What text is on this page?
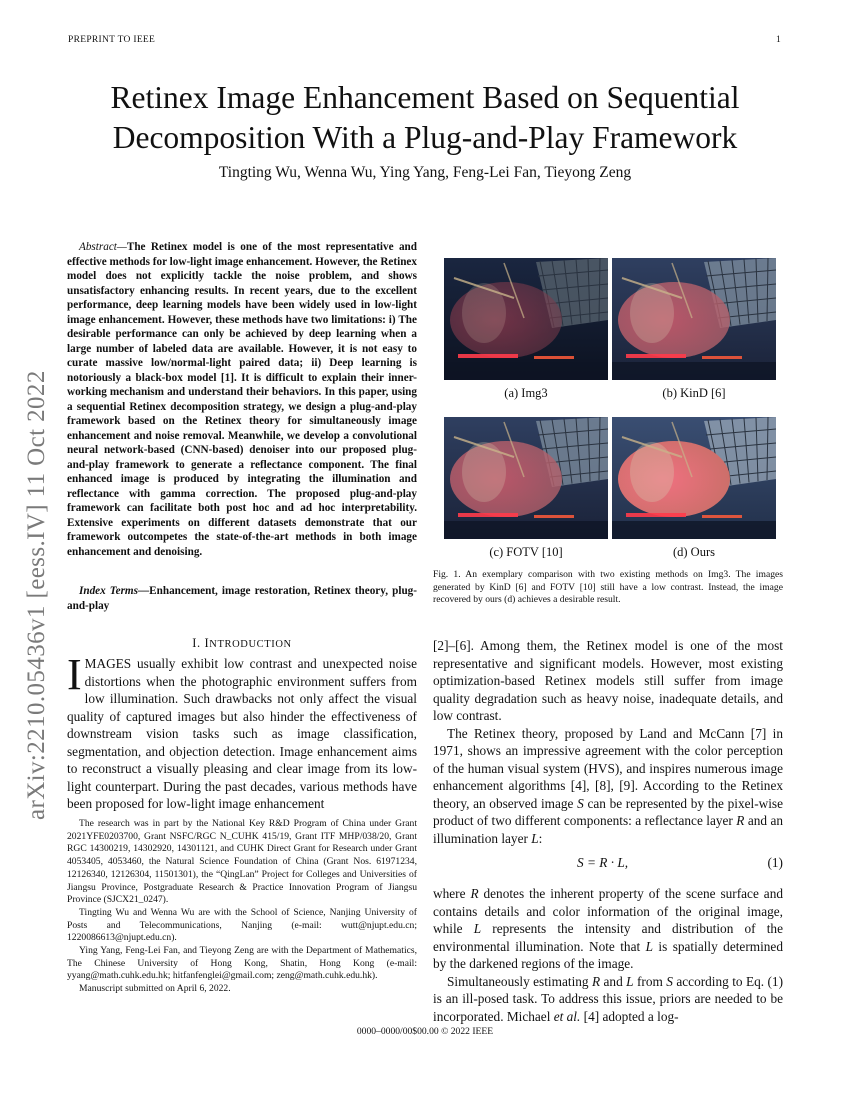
PREPRINT TO IEEE	1
Retinex Image Enhancement Based on Sequential Decomposition With a Plug-and-Play Framework
Tingting Wu, Wenna Wu, Ying Yang, Feng-Lei Fan, Tieyong Zeng
arXiv:2210.05436v1 [eess.IV] 11 Oct 2022
Abstract—The Retinex model is one of the most representative and effective methods for low-light image enhancement. However, the Retinex model does not explicitly tackle the noise problem, and shows unsatisfactory enhancing results. In recent years, due to the excellent performance, deep learning models have been widely used in low-light image enhancement. However, these methods have two limitations: i) The desirable performance can only be achieved by deep learning when a large number of labeled data are available. However, it is not easy to curate massive low/normal-light paired data; ii) Deep learning is notoriously a black-box model [1]. It is difficult to explain their inner-working mechanism and understand their behaviors. In this paper, using a sequential Retinex decomposition strategy, we design a plug-and-play framework based on the Retinex theory for simultaneously image enhancement and noise removal. Meanwhile, we develop a convolutional neural network-based (CNN-based) denoiser into our proposed plug-and-play framework to generate a reflectance component. The final enhanced image is produced by integrating the illumination and reflectance with gamma correction. The proposed plug-and-play framework can facilitate both post hoc and ad hoc interpretability. Extensive experiments on different datasets demonstrate that our framework outcompetes the state-of-the-art methods in both image enhancement and denoising.
Index Terms—Enhancement, image restoration, Retinex theory, plug-and-play
I. INTRODUCTION
IMAGES usually exhibit low contrast and unexpected noise distortions when the photographic environment suffers from low illumination. Such drawbacks not only affect the visual quality of captured images but also hinder the effectiveness of downstream vision tasks such as image classification, segmentation, and objection detection. Image enhancement aims to reconstruct a visually pleasing and clear image from its low-light counterpart. During the past decades, various methods have been proposed for low-light image enhancement

The research was in part by the National Key R&D Program of China under Grant 2021YFE0203700, Grant NSFC/RGC N_CUHK 415/19, Grant ITF MHP/038/20, Grant RGC 14300219, 14302920, 14301121, and CUHK Direct Grant for Research under Grant 4053405, 4053460, the Natural Science Foundation of China (Grant Nos. 61971234, 12126340, 12126304, 11501301), the “QingLan” Project for Colleges and Universities of Jiangsu Province, Postgraduate Research & Practice Innovation Program of Jiangsu Province (SJCX21_0247).

Tingting Wu and Wenna Wu are with the School of Science, Nanjing University of Posts and Telecommunications, Nanjing (e-mail: wutt@njupt.edu.cn; 1220086613@njupt.edu.cn).

Ying Yang, Feng-Lei Fan, and Tieyong Zeng are with the Department of Mathematics, The Chinese University of Hong Kong, Shatin, Hong Kong (e-mail: yyang@math.cuhk.edu.hk; hitfanfenglei@gmail.com; zeng@math.cuhk.edu.hk).

Manuscript submitted on April 6, 2022.

(a) Img3	(b) KinD [6]
(c) FOTV [10]	(d) Ours
Fig. 1. An exemplary comparison with two existing methods on Img3. The images generated by KinD [6] and FOTV [10] still have a low contrast. Instead, the image recovered by ours (d) achieves a desirable result.

[2]–[6]. Among them, the Retinex model is one of the most representative and significant models. However, most existing optimization-based Retinex models still suffer from image quality degradation such as heavy noise, inadequate details, and low contrast.

The Retinex theory, proposed by Land and McCann [7] in 1971, shows an impressive agreement with the color perception of the human visual system (HVS), and inspires numerous image enhancement algorithms [4], [8], [9]. According to the Retinex theory, an observed image S can be represented by the pixel-wise product of two different components: a reflectance layer R and an illumination layer L:

S = R · L,	(1)

where R denotes the inherent property of the scene surface and contains details and color information of the original image, while L represents the intensity and distribution of the environmental illumination. Note that L is spatially determined by the darkened regions of the image.

Simultaneously estimating R and L from S according to Eq. (1) is an ill-posed task. To address this issue, priors are needed to be incorporated. Michael et al. [4] adopted a log-

0000–0000/00$00.00 © 2022 IEEE
